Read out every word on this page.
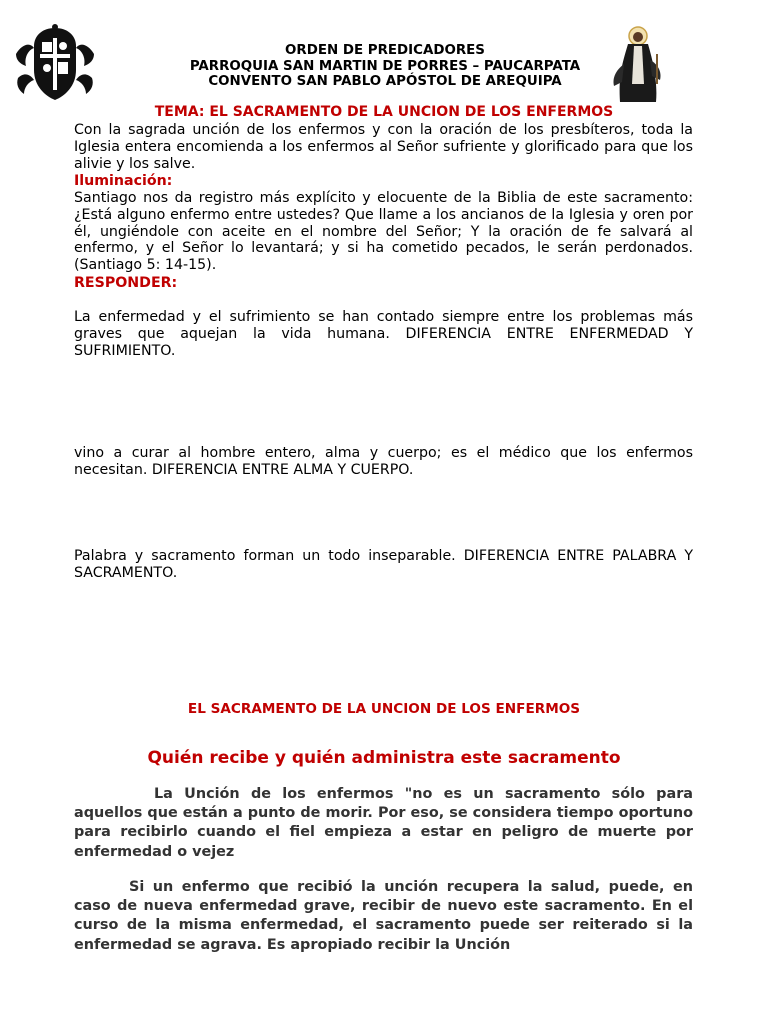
ORDEN DE PREDICADORES
PARROQUIA SAN MARTIN DE PORRES – PAUCARPATA
CONVENTO SAN PABLO APÓSTOL DE AREQUIPA
TEMA: EL SACRAMENTO DE LA UNCION DE LOS ENFERMOS

Con la sagrada unción de los enfermos y con la oración de los presbíteros, toda la Iglesia entera encomienda a los enfermos al Señor sufriente y glorificado para que los alivie y los salve.

Iluminación:

Santiago nos da registro más explícito y elocuente de la Biblia de este sacramento: ¿Está alguno enfermo entre ustedes? Que llame a los ancianos de la Iglesia y oren por él, ungiéndole con aceite en el nombre del Señor; Y la oración de fe salvará al enfermo, y el Señor lo levantará; y si ha cometido pecados, le serán perdonados. (Santiago 5: 14-15).

RESPONDER:

La enfermedad y el sufrimiento se han contado siempre entre los problemas más graves que aquejan la vida humana. DIFERENCIA ENTRE ENFERMEDAD Y SUFRIMIENTO.

vino a curar al hombre entero, alma y cuerpo; es el médico que los enfermos necesitan. DIFERENCIA ENTRE ALMA Y CUERPO.

Palabra y sacramento forman un todo inseparable. DIFERENCIA ENTRE PALABRA Y SACRAMENTO.

EL SACRAMENTO DE LA UNCION DE LOS ENFERMOS

Quién recibe y quién administra este sacramento

La Unción de los enfermos "no es un sacramento sólo para aquellos que están a punto de morir. Por eso, se considera tiempo oportuno para recibirlo cuando el fiel empieza a estar en peligro de muerte por enfermedad o vejez

Si un enfermo que recibió la unción recupera la salud, puede, en caso de nueva enfermedad grave, recibir de nuevo este sacramento. En el curso de la misma enfermedad, el sacramento puede ser reiterado si la enfermedad se agrava. Es apropiado recibir la Unción
